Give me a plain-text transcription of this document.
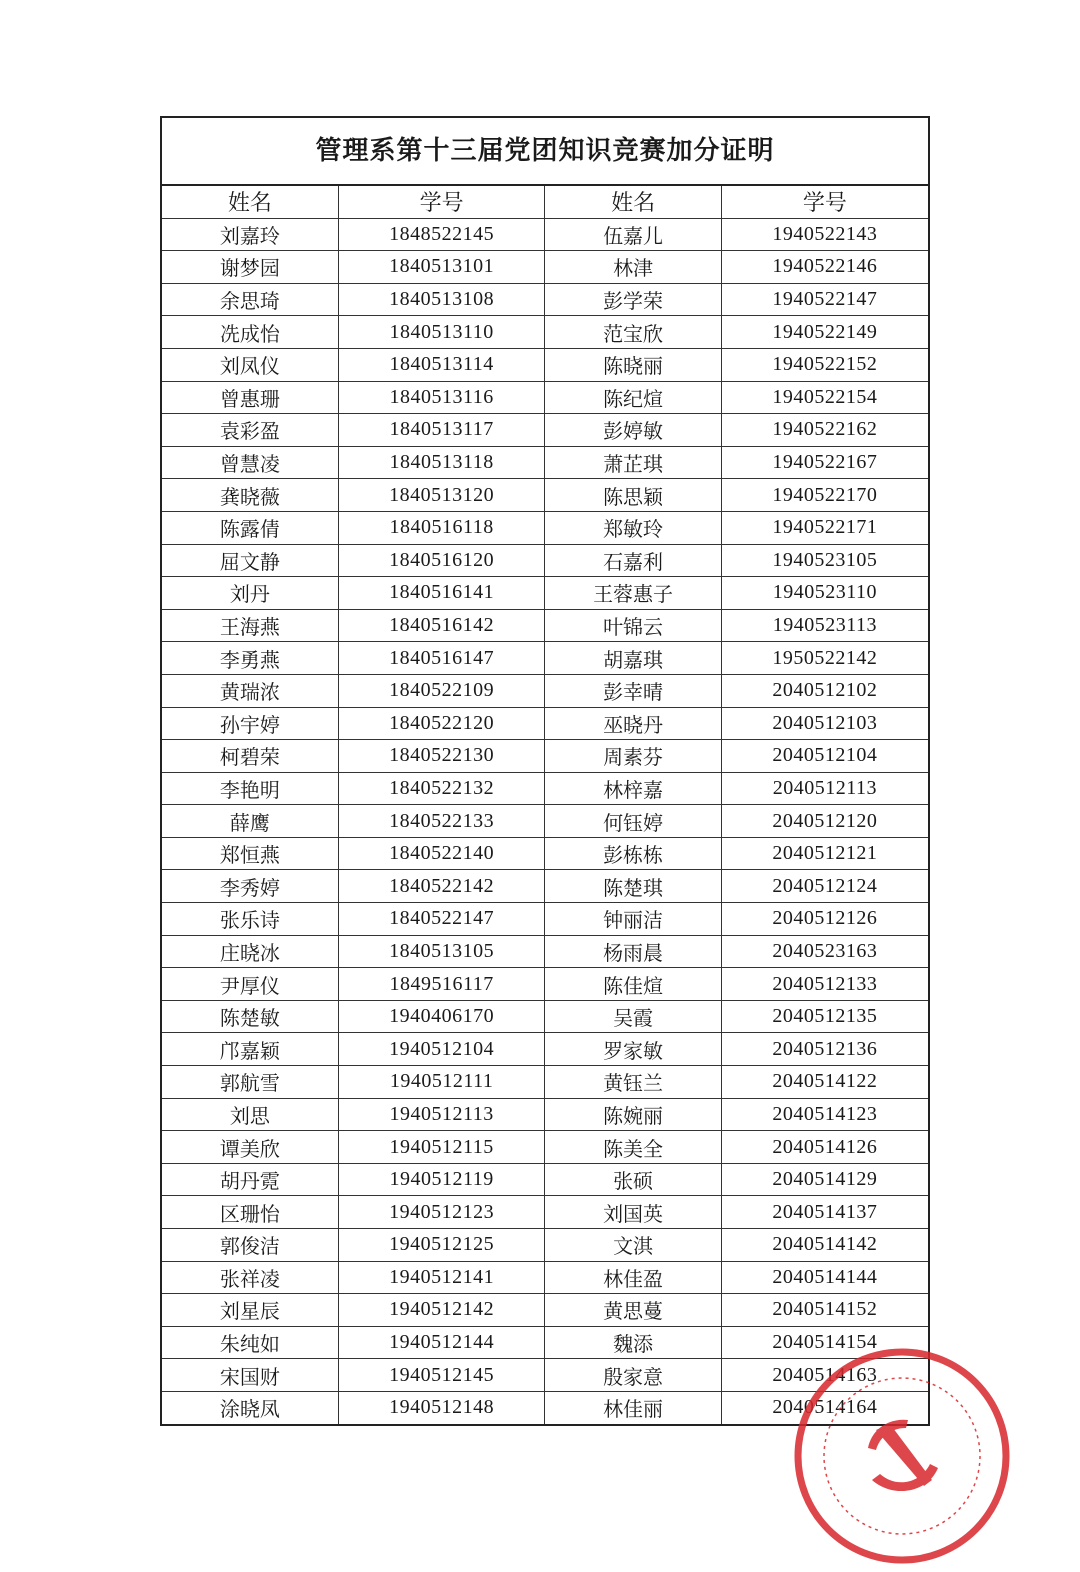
管理系第十三届党团知识竞赛加分证明
姓名	学号	姓名	学号
刘嘉玲	1848522145	伍嘉儿	1940522143
谢梦园	1840513101	林津	1940522146
余思琦	1840513108	彭学荣	1940522147
冼成怡	1840513110	范宝欣	1940522149
刘凤仪	1840513114	陈晓丽	1940522152
曾惠珊	1840513116	陈纪煊	1940522154
袁彩盈	1840513117	彭婷敏	1940522162
曾慧凌	1840513118	萧芷琪	1940522167
龚晓薇	1840513120	陈思颖	1940522170
陈露倩	1840516118	郑敏玲	1940522171
屈文静	1840516120	石嘉利	1940523105
刘丹	1840516141	王蓉惠子	1940523110
王海燕	1840516142	叶锦云	1940523113
李勇燕	1840516147	胡嘉琪	1950522142
黄瑞浓	1840522109	彭幸晴	2040512102
孙宇婷	1840522120	巫晓丹	2040512103
柯碧荣	1840522130	周素芬	2040512104
李艳明	1840522132	林梓嘉	2040512113
薛鹰	1840522133	何钰婷	2040512120
郑恒燕	1840522140	彭栋栋	2040512121
李秀婷	1840522142	陈楚琪	2040512124
张乐诗	1840522147	钟丽洁	2040512126
庄晓冰	1840513105	杨雨晨	2040523163
尹厚仪	1849516117	陈佳煊	2040512133
陈楚敏	1940406170	吴霞	2040512135
邝嘉颖	1940512104	罗家敏	2040512136
郭航雪	1940512111	黄钰兰	2040514122
刘思	1940512113	陈婉丽	2040514123
谭美欣	1940512115	陈美全	2040514126
胡丹霓	1940512119	张硕	2040514129
区珊怡	1940512123	刘国英	2040514137
郭俊洁	1940512125	文淇	2040514142
张祥凌	1940512141	林佳盈	2040514144
刘星辰	1940512142	黄思蔓	2040514152
朱纯如	1940512144	魏添	2040514154
宋国财	1940512145	殷家意	2040514163
涂晓凤	1940512148	林佳丽	2040514164
